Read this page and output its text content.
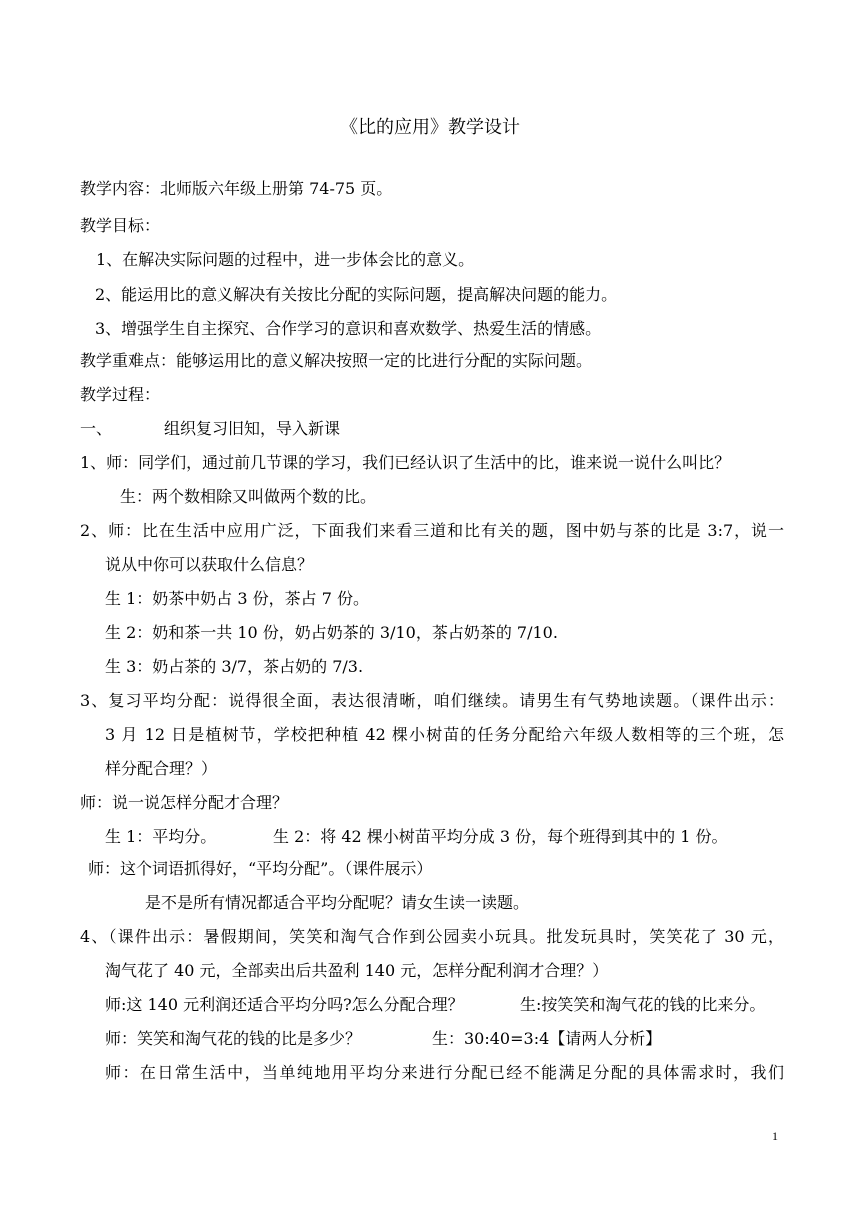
《比的应用》教学设计
教学内容：北师版六年级上册第 74-75 页。
教学目标：
1、在解决实际问题的过程中，进一步体会比的意义。
2、能运用比的意义解决有关按比分配的实际问题，提高解决问题的能力。
3、增强学生自主探究、合作学习的意识和喜欢数学、热爱生活的情感。
教学重难点：能够运用比的意义解决按照一定的比进行分配的实际问题。
教学过程：
一、	组织复习旧知，导入新课
1、师：同学们，通过前几节课的学习，我们已经认识了生活中的比，谁来说一说什么叫比？
生：两个数相除又叫做两个数的比。
2、师：比在生活中应用广泛，下面我们来看三道和比有关的题，图中奶与茶的比是 3:7，说一
说从中你可以获取什么信息？
生 1：奶茶中奶占 3 份，茶占 7 份。
生 2：奶和茶一共 10 份，奶占奶茶的 3/10，茶占奶茶的 7/10.
生 3：奶占茶的 3/7，茶占奶的 7/3.
3、复习平均分配：说得很全面，表达很清晰，咱们继续。请男生有气势地读题。（课件出示：
3 月 12 日是植树节，学校把种植 42 棵小树苗的任务分配给六年级人数相等的三个班，怎
样分配合理？）
师：说一说怎样分配才合理？
生 1：平均分。	生 2：将 42 棵小树苗平均分成 3 份，每个班得到其中的 1 份。
师：这个词语抓得好，“平均分配”。（课件展示）
是不是所有情况都适合平均分配呢？请女生读一读题。
4、（课件出示：暑假期间，笑笑和淘气合作到公园卖小玩具。批发玩具时，笑笑花了 30 元，
淘气花了 40 元，全部卖出后共盈利 140 元，怎样分配利润才合理？）
师:这 140 元利润还适合平均分吗?怎么分配合理？	生:按笑笑和淘气花的钱的比来分。
师：笑笑和淘气花的钱的比是多少？	生：30:40=3:4【请两人分析】
师：在日常生活中，当单纯地用平均分来进行分配已经不能满足分配的具体需求时，我们
1
